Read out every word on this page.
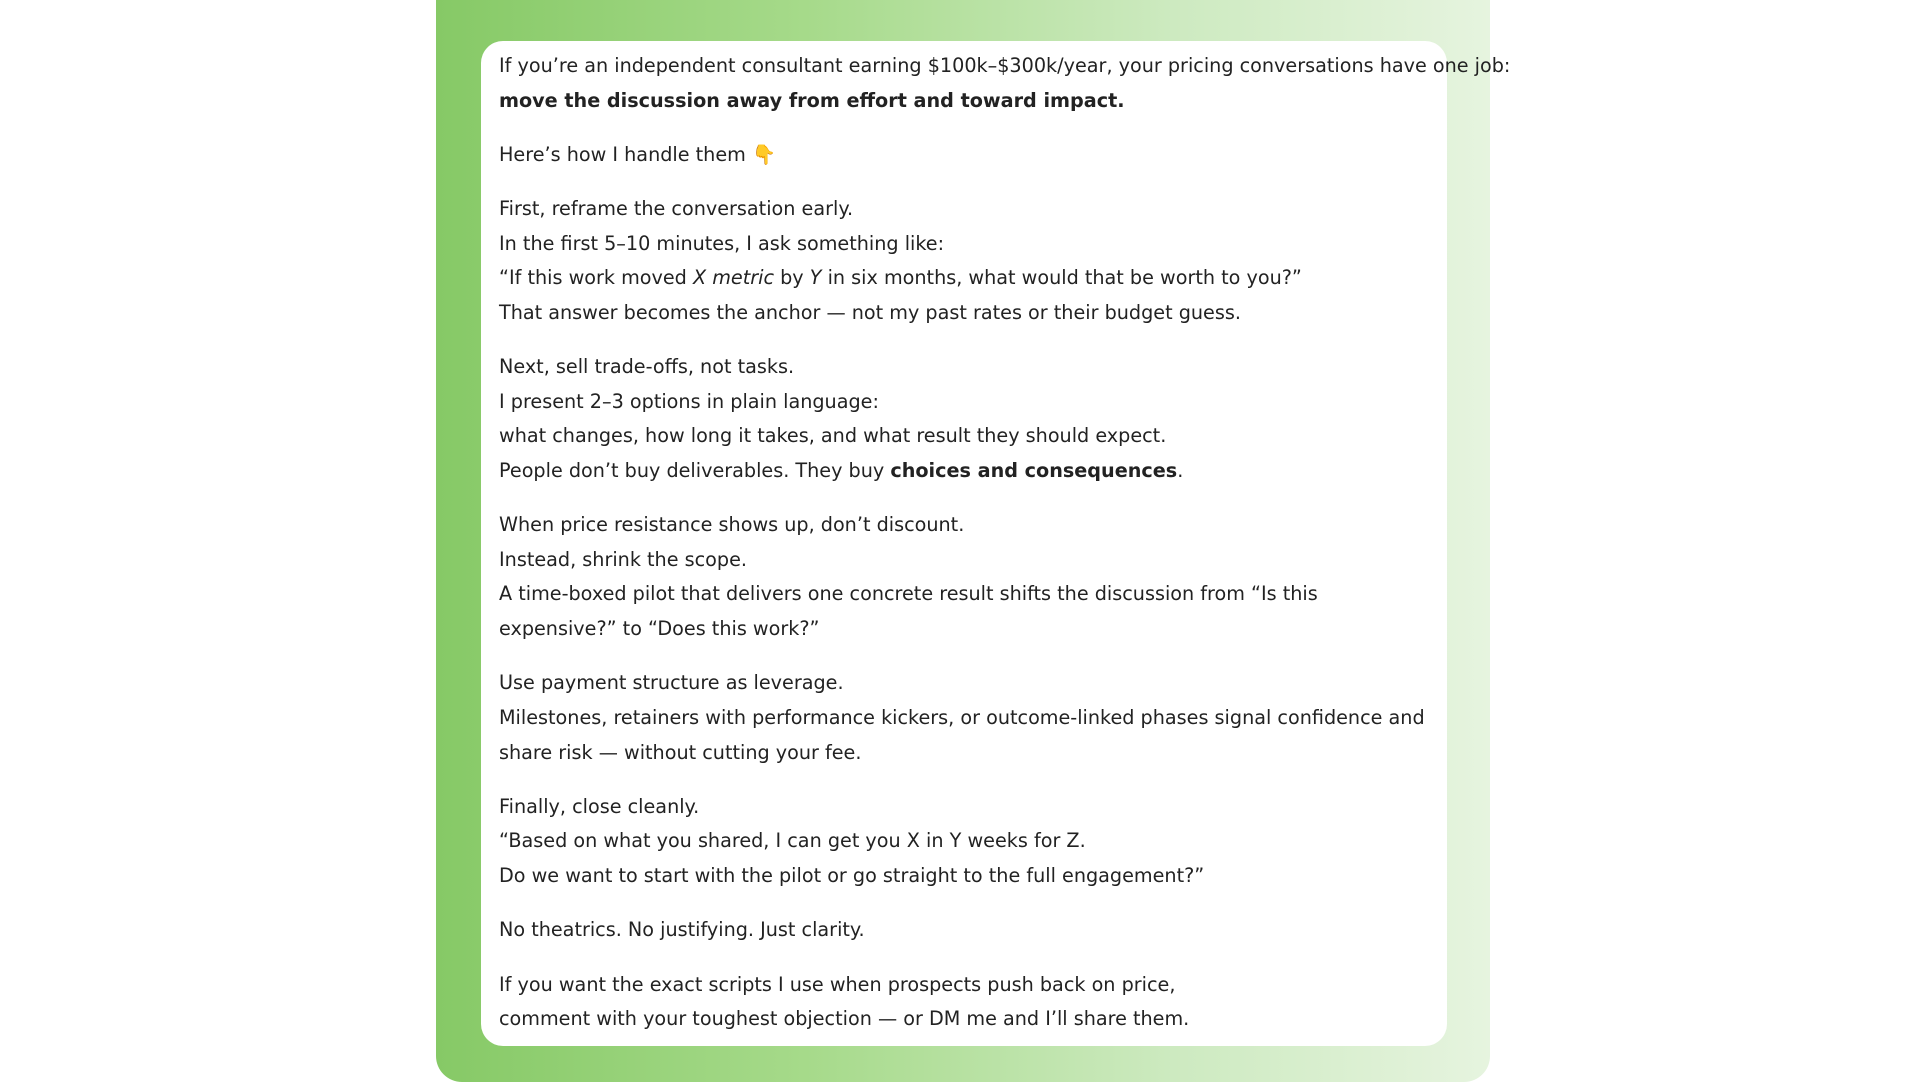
If you’re an independent consultant earning $100k–$300k/year, your pricing conversations have one job:
move the discussion away from effort and toward impact.
Here’s how I handle them 👇
First, reframe the conversation early.
In the first 5–10 minutes, I ask something like:
“If this work moved X metric by Y in six months, what would that be worth to you?”
That answer becomes the anchor — not my past rates or their budget guess.
Next, sell trade-offs, not tasks.
I present 2–3 options in plain language:
what changes, how long it takes, and what result they should expect.
People don’t buy deliverables. They buy choices and consequences.
When price resistance shows up, don’t discount.
Instead, shrink the scope.
A time-boxed pilot that delivers one concrete result shifts the discussion from “Is this expensive?” to “Does this work?”
Use payment structure as leverage.
Milestones, retainers with performance kickers, or outcome-linked phases signal confidence and share risk — without cutting your fee.
Finally, close cleanly.
“Based on what you shared, I can get you X in Y weeks for Z.
Do we want to start with the pilot or go straight to the full engagement?”
No theatrics. No justifying. Just clarity.
If you want the exact scripts I use when prospects push back on price,
comment with your toughest objection — or DM me and I’ll share them.
